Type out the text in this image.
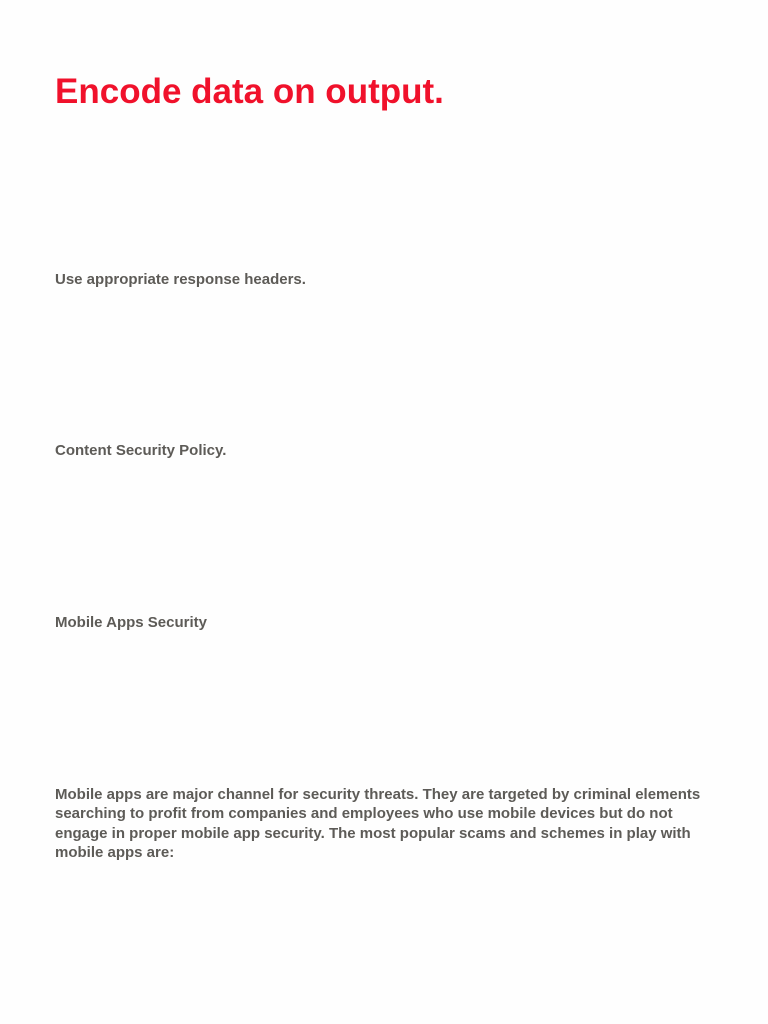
Encode data on output.

Use appropriate response headers.

Content Security Policy.

Mobile Apps Security

Mobile apps are major channel for security threats. They are targeted by criminal elements
searching to profit from companies and employees who use mobile devices but do not
engage in proper mobile app security. The most popular scams and schemes in play with
mobile apps are:
